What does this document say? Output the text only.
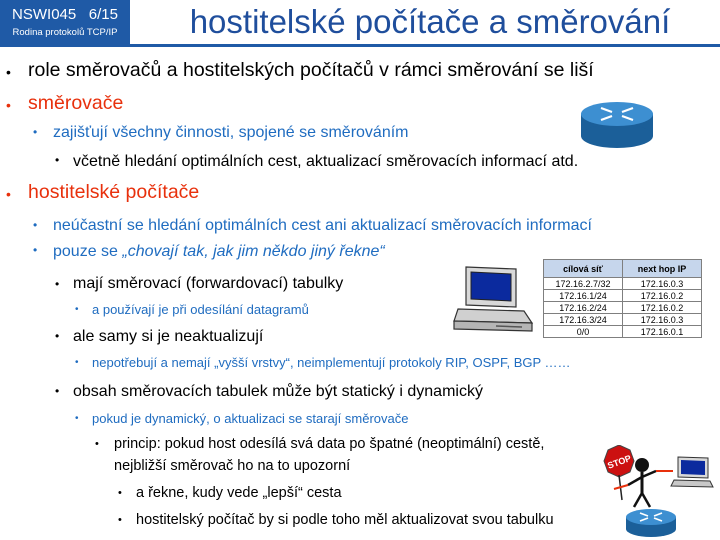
NSWI045 6/15
Rodina protokolů TCP/IP	hostitelské počítače a směrování
• role směrovačů a hostitelských počítačů v rámci směrování se liší
• směrovače
• zajišťují všechny činnosti, spojené se směrováním
• včetně hledání optimálních cest, aktualizací směrovacích informací atd.
• hostitelské počítače
• neúčastní se hledání optimálních cest ani aktualizací směrovacích informací
• pouze se „chovají tak, jak jim někdo jiný řekne“
• mají směrovací (forwardovací) tabulky
• a používají je při odesílání datagramů
• ale samy si je neaktualizují
• nepotřebují a nemají „vyšší vrstvy“, neimplementují protokoly RIP, OSPF, BGP ……
• obsah směrovacích tabulek může být statický i dynamický
• pokud je dynamický, o aktualizaci se starají směrovače
• princip: pokud host odesílá svá data po špatné (neoptimální) cestě,
nejbližší směrovač ho na to upozorní
• a řekne, kudy vede „lepší“ cesta
• hostitelský počítač by si podle toho měl aktualizovat svou tabulku
cílová síť	next hop IP
172.16.2.7/32	172.16.0.3
172.16.1/24	172.16.0.2
172.16.2/24	172.16.0.2
172.16.3/24	172.16.0.3
0/0	172.16.0.1
STOP
